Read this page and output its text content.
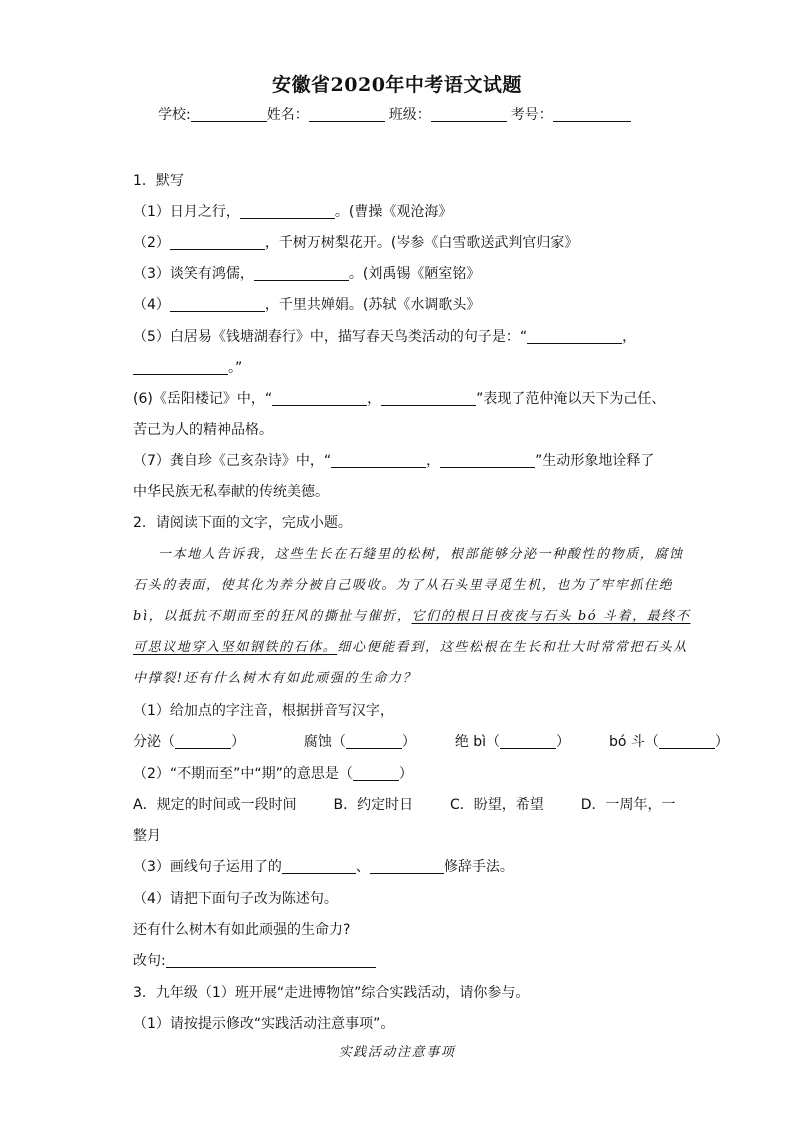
安徽省2020年中考语文试题
学校:	姓名：	班级：	考号：
1．默写
（1）日月之行，	。(曹操《观沧海》
（2）	，千树万树梨花开。(岑参《白雪歌送武判官归家》
（3）谈笑有鸿儒，	。(刘禹锡《陋室铭》
（4）	，千里共婵娟。(苏轼《水调歌头》
（5）白居易《钱塘湖春行》中，描写春天鸟类活动的句子是：“	，
。”
(6)《岳阳楼记》中，“	，	”表现了范仲淹以天下为己任、
苦己为人的精神品格。
（7）龚自珍《己亥杂诗》中，“	，	”生动形象地诠释了
中华民族无私奉献的传统美德。
2．请阅读下面的文字，完成小题。
一本地人告诉我，这些生长在石缝里的松树，根部能够分泌一种酸性的物质，腐蚀
石头的表面，使其化为养分被自己吸收。为了从石头里寻觅生机，也为了牢牢抓住绝
bì，以抵抗不期而至的狂风的撕扯与催折，它们的根日日夜夜与石头 bó 斗着，最终不
可思议地穿入坚如钢铁的石体。细心便能看到，这些松根在生长和壮大时常常把石头从
中撑裂!还有什么树木有如此顽强的生命力？
（1）给加点的字注音，根据拼音写汉字，
分泌（	）	腐蚀（	）	绝 bì（	）	bó 斗（	）
（2）“不期而至”中“期”的意思是（	）
A．规定的时间或一段时间	B．约定时日	C．盼望，希望	D．一周年，一
整月
（3）画线句子运用了的	、	修辞手法。
（4）请把下面句子改为陈述句。
还有什么树木有如此顽强的生命力?
改句:
3．九年级（1）班开展“走进博物馆”综合实践活动，请你参与。
（1）请按提示修改“实践活动注意事项”。
实践活动注意事项
